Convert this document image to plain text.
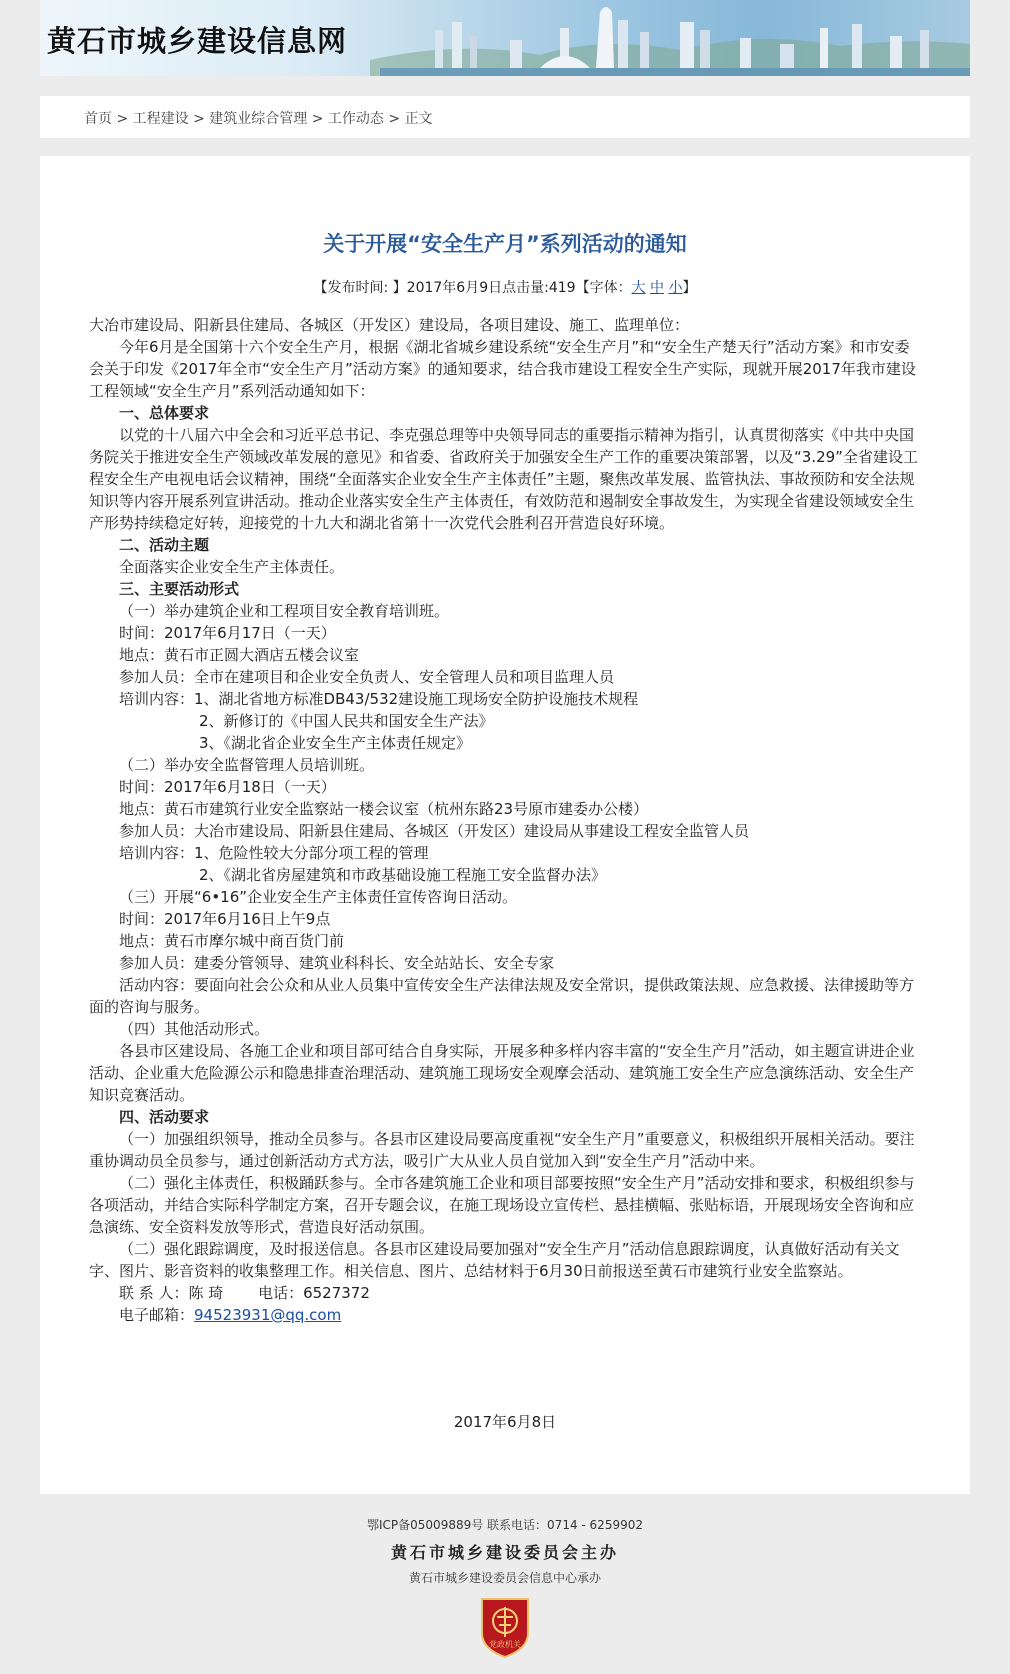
黄石市城乡建设信息网
首页 > 工程建设 > 建筑业综合管理 > 工作动态 > 正文
关于开展“安全生产月”系列活动的通知
【发布时间: 】2017年6月9日点击量:419【字体：大 中 小】

大冶市建设局、阳新县住建局、各城区（开发区）建设局，各项目建设、施工、监理单位：

今年6月是全国第十六个安全生产月，根据《湖北省城乡建设系统“安全生产月”和“安全生产楚天行”活动方案》和市安委会关于印发《2017年全市“安全生产月”活动方案》的通知要求，结合我市建设工程安全生产实际，现就开展2017年我市建设工程领域“安全生产月”系列活动通知如下：

一、总体要求

以党的十八届六中全会和习近平总书记、李克强总理等中央领导同志的重要指示精神为指引，认真贯彻落实《中共中央国务院关于推进安全生产领域改革发展的意见》和省委、省政府关于加强安全生产工作的重要决策部署，以及“3.29”全省建设工程安全生产电视电话会议精神，围绕“全面落实企业安全生产主体责任”主题，聚焦改革发展、监管执法、事故预防和安全法规知识等内容开展系列宣讲活动。推动企业落实安全生产主体责任，有效防范和遏制安全事故发生，为实现全省建设领域安全生产形势持续稳定好转，迎接党的十九大和湖北省第十一次党代会胜利召开营造良好环境。

二、活动主题

全面落实企业安全生产主体责任。

三、主要活动形式

（一）举办建筑企业和工程项目安全教育培训班。

时间：2017年6月17日（一天）

地点：黄石市正圆大酒店五楼会议室

参加人员：全市在建项目和企业安全负责人、安全管理人员和项目监理人员

培训内容：1、湖北省地方标准DB43/532建设施工现场安全防护设施技术规程

2、新修订的《中国人民共和国安全生产法》

3、《湖北省企业安全生产主体责任规定》

（二）举办安全监督管理人员培训班。

时间：2017年6月18日（一天）

地点：黄石市建筑行业安全监察站一楼会议室（杭州东路23号原市建委办公楼）

参加人员：大冶市建设局、阳新县住建局、各城区（开发区）建设局从事建设工程安全监管人员

培训内容：1、危险性较大分部分项工程的管理

2、《湖北省房屋建筑和市政基础设施工程施工安全监督办法》

（三）开展“6•16”企业安全生产主体责任宣传咨询日活动。

时间：2017年6月16日上午9点

地点：黄石市摩尔城中商百货门前

参加人员：建委分管领导、建筑业科科长、安全站站长、安全专家

活动内容：要面向社会公众和从业人员集中宣传安全生产法律法规及安全常识，提供政策法规、应急救援、法律援助等方面的咨询与服务。

（四）其他活动形式。

各县市区建设局、各施工企业和项目部可结合自身实际，开展多种多样内容丰富的“安全生产月”活动，如主题宣讲进企业活动、企业重大危险源公示和隐患排查治理活动、建筑施工现场安全观摩会活动、建筑施工安全生产应急演练活动、安全生产知识竞赛活动。

四、活动要求

（一）加强组织领导，推动全员参与。各县市区建设局要高度重视“安全生产月”重要意义，积极组织开展相关活动。要注重协调动员全员参与，通过创新活动方式方法，吸引广大从业人员自觉加入到“安全生产月”活动中来。

（二）强化主体责任，积极踊跃参与。全市各建筑施工企业和项目部要按照“安全生产月”活动安排和要求，积极组织参与各项活动，并结合实际科学制定方案，召开专题会议，在施工现场设立宣传栏、悬挂横幅、张贴标语，开展现场安全咨询和应急演练、安全资料发放等形式，营造良好活动氛围。

（二）强化跟踪调度，及时报送信息。各县市区建设局要加强对“安全生产月”活动信息跟踪调度，认真做好活动有关文字、图片、影音资料的收集整理工作。相关信息、图片、总结材料于6月30日前报送至黄石市建筑行业安全监察站。

联 系 人：陈 琦　　 电话：6527372

电子邮箱：94523931@qq.com

2017年6月8日
鄂ICP备05009889号 联系电话：0714 - 6259902
黄石市城乡建设委员会主办
黄石市城乡建设委员会信息中心承办
党政机关
